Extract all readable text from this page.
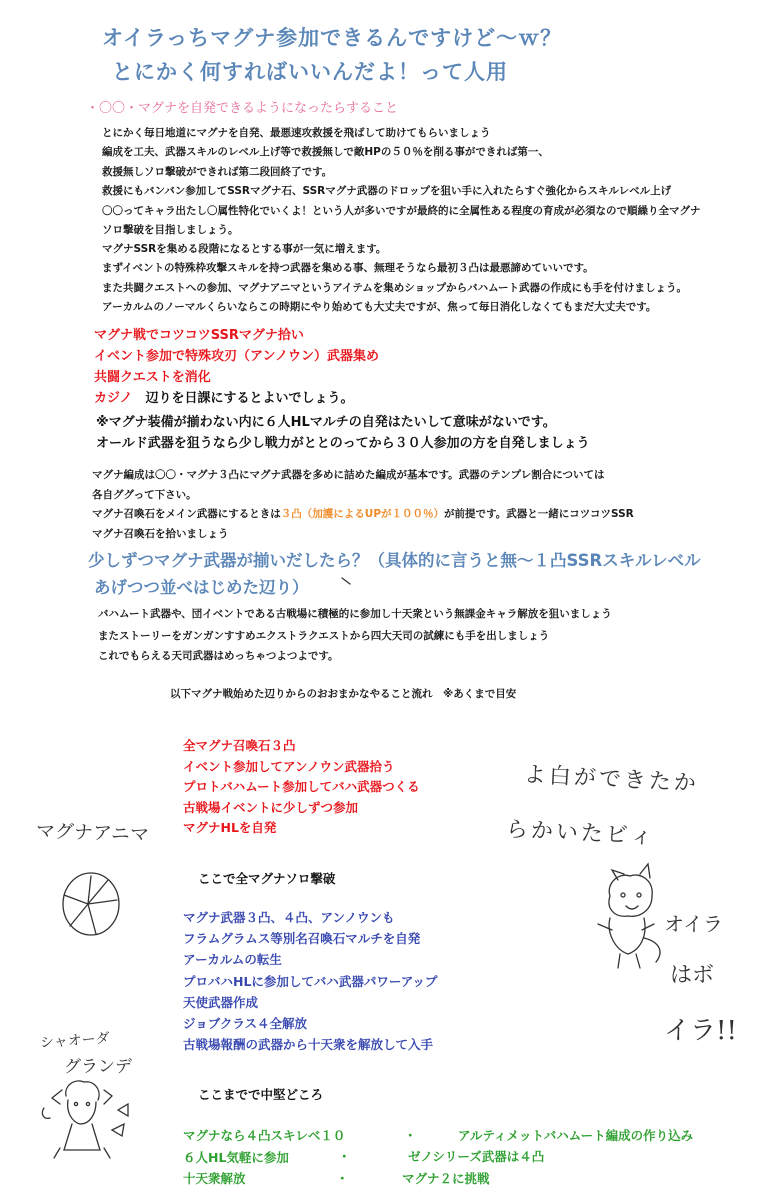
オイラっちマグナ参加できるんですけど～ｗ？
とにかく何すればいいんだよ！って人用
・〇〇・マグナを自発できるようになったらすること
とにかく毎日地道にマグナを自発、最悪速攻救援を飛ばして助けてもらいましょう
編成を工夫、武器スキルのレベル上げ等で救援無しで敵HPの５０％を削る事ができれば第一、
救援無しソロ撃破ができれば第二段回終了です。
救援にもバンバン参加してSSRマグナ石、SSRマグナ武器のドロップを狙い手に入れたらすぐ強化からスキルレベル上げ
〇〇ってキャラ出たし〇属性特化でいくよ！という人が多いですが最終的に全属性ある程度の育成が必須なので順繰り全マグナ
ソロ撃破を目指しましょう。
マグナSSRを集める段階になるとする事が一気に増えます。
まずイベントの特殊枠攻撃スキルを持つ武器を集める事、無理そうなら最初３凸は最悪諦めていいです。
また共闘クエストへの参加、マグナアニマというアイテムを集めショップからバハムート武器の作成にも手を付けましょう。
アーカルムのノーマルくらいならこの時期にやり始めても大丈夫ですが、焦って毎日消化しなくてもまだ大丈夫です。
マグナ戦でコツコツSSRマグナ拾い
イベント参加で特殊攻刃（アンノウン）武器集め
共闘クエストを消化
カジノ　辺りを日課にするとよいでしょう。
※マグナ装備が揃わない内に６人HLマルチの自発はたいして意味がないです。
オールド武器を狙うなら少し戦力がととのってから３０人参加の方を自発しましょう
マグナ編成は〇〇・マグナ３凸にマグナ武器を多めに詰めた編成が基本です。武器のテンプレ割合については
各自ググって下さい。
マグナ召喚石をメイン武器にするときは３凸（加護によるUPが１００％）が前提です。武器と一緒にコツコツSSR
マグナ召喚石を拾いましょう
少しずつマグナ武器が揃いだしたら？（具体的に言うと無～１凸SSRスキルレベル
あげつつ並べはじめた辺り）
バハムート武器や、団イベントである古戦場に積極的に参加し十天衆という無課金キャラ解放を狙いましょう
またストーリーをガンガンすすめエクストラクエストから四大天司の試練にも手を出しましょう
これでもらえる天司武器はめっちゃつよつよです。
以下マグナ戦始めた辺りからのおおまかなやること流れ　※あくまで目安
全マグナ召喚石３凸
イベント参加してアンノウン武器拾う
プロトバハムート参加してバハ武器つくる
古戦場イベントに少しずつ参加
マグナHLを自発
ここで全マグナソロ撃破
マグナ武器３凸、４凸、アンノウンも
フラムグラムス等別名召喚石マルチを自発
アーカルムの転生
プロバハHLに参加してバハ武器パワーアップ
天使武器作成
ジョブクラス４全解放
古戦場報酬の武器から十天衆を解放して入手
ここまでで中堅どころ
マグナなら４凸スキレベ１０
６人HL気軽に参加
十天衆解放
・
・
・
アルティメットバハムート編成の作り込み
ゼノシリーズ武器は４凸
マグナ２に挑戦
マグナアニマ
よ白ができたか
らかいたビィ
オイラ
はボ
イラ!!
シャオーダ
グランデ
